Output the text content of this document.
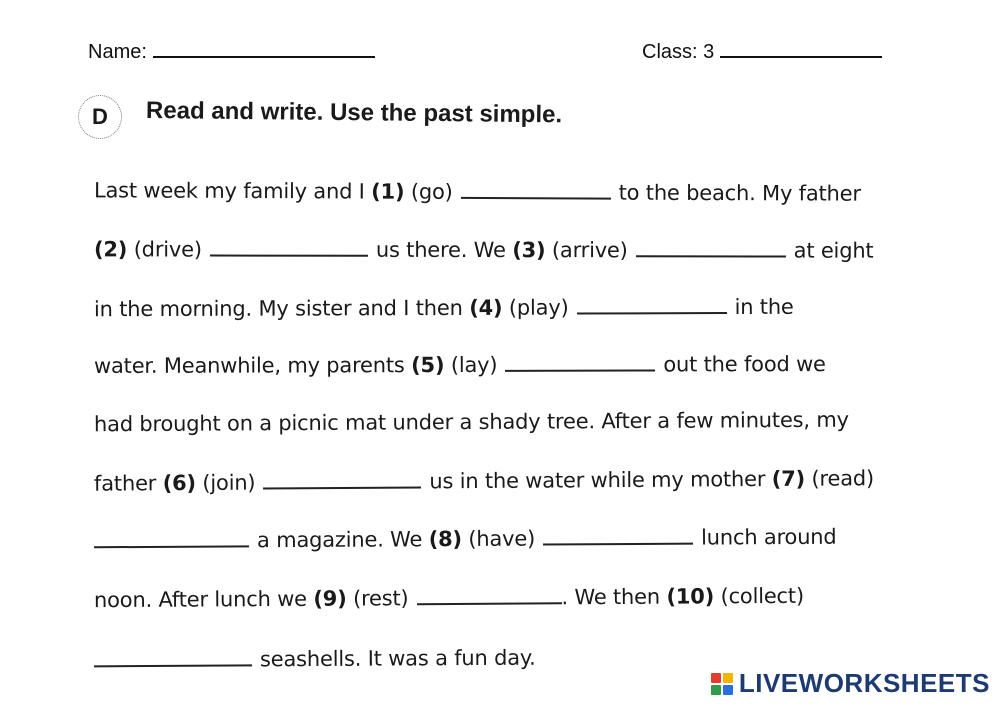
Name:	Class: 3
D	Read and write. Use the past simple.
Last week my family and I (1) (go)	to the beach. My father
(2) (drive)	us there. We (3) (arrive)	at eight
in the morning. My sister and I then (4) (play)	in the
water. Meanwhile, my parents (5) (lay)	out the food we
had brought on a picnic mat under a shady tree. After a few minutes, my
father (6) (join)	us in the water while my mother (7) (read)
a magazine. We (8) (have)	lunch around
noon. After lunch we (9) (rest)	. We then (10) (collect)
seashells. It was a fun day.
LIVEWORKSHEETS
